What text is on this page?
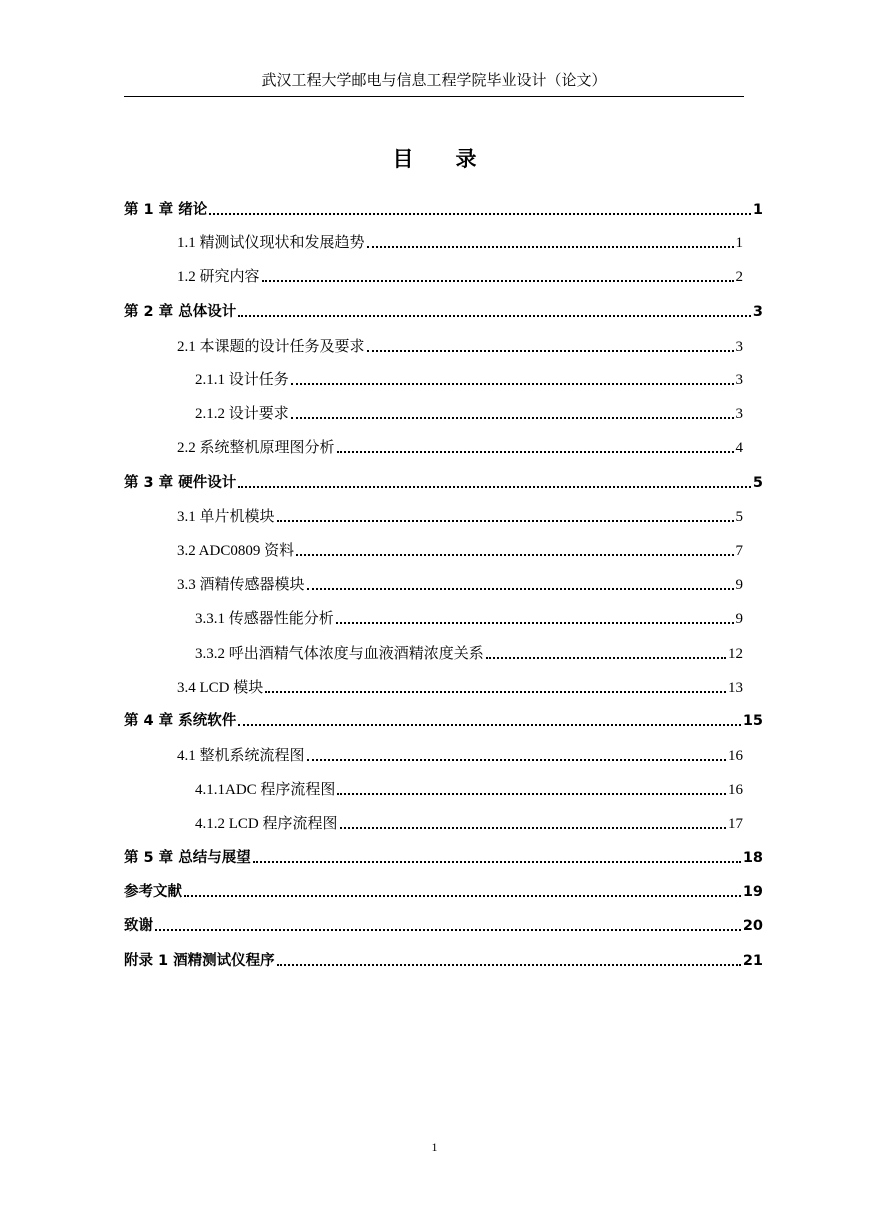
武汉工程大学邮电与信息工程学院毕业设计（论文）
目 录
第 1 章 绪论	1
1.1 精测试仪现状和发展趋势	1
1.2 研究内容	2
第 2 章 总体设计	3
2.1 本课题的设计任务及要求	3
2.1.1 设计任务	3
2.1.2 设计要求	3
2.2 系统整机原理图分析	4
第 3 章 硬件设计	5
3.1 单片机模块	5
3.2 ADC0809 资料	7
3.3 酒精传感器模块	9
3.3.1 传感器性能分析	9
3.3.2 呼出酒精气体浓度与血液酒精浓度关系	12
3.4 LCD 模块	13
第 4 章 系统软件	15
4.1 整机系统流程图	16
4.1.1ADC 程序流程图	16
4.1.2 LCD 程序流程图	17
第 5 章 总结与展望	18
参考文献	19
致谢	20
附录 1 酒精测试仪程序	21
1
